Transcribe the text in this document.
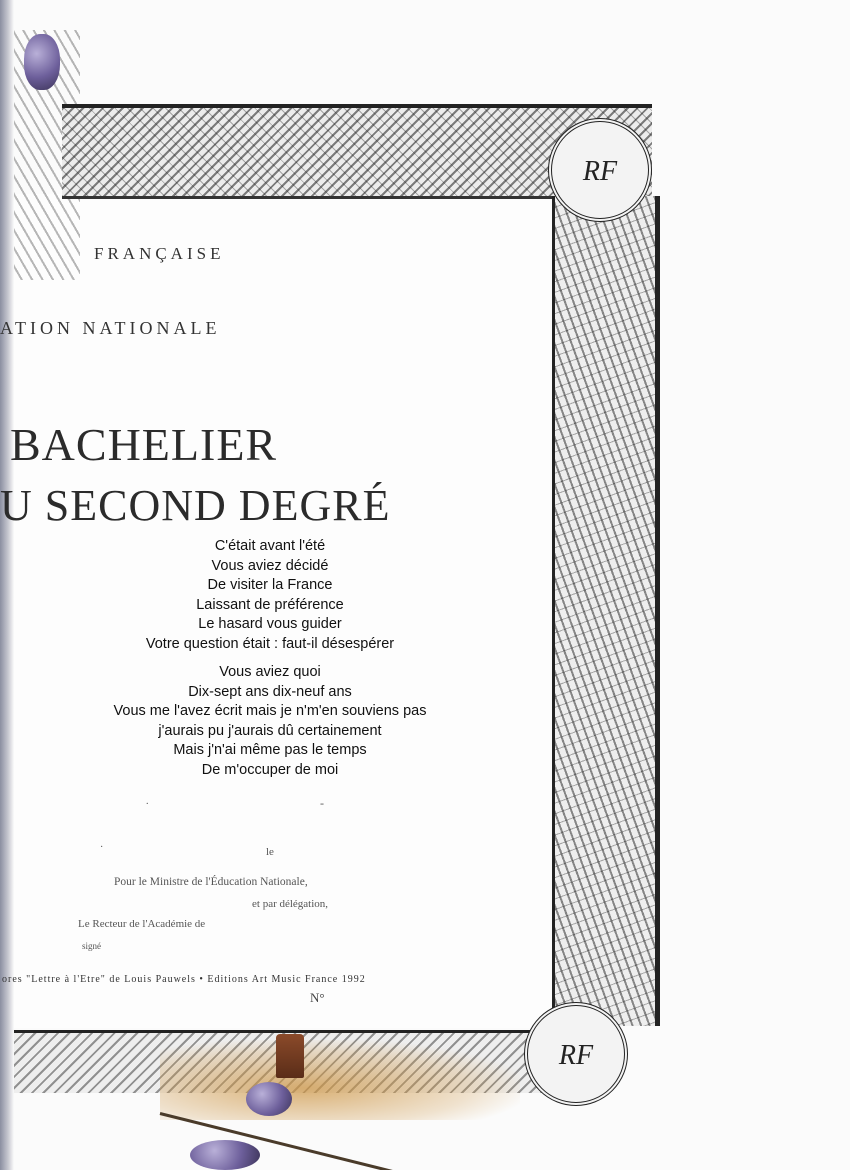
RF
RF
FRANÇAISE
ATION NATIONALE
BACHELIER
U SECOND DEGRÉ
C'était avant l'été
Vous aviez décidé
De visiter la France
Laissant de préférence
Le hasard vous guider
Votre question était : faut-il désespérer
Vous aviez quoi
Dix-sept ans dix-neuf ans
Vous me l'avez écrit mais je n'm'en souviens pas
j'aurais pu j'aurais dû certainement
Mais j'n'ai même pas le temps
De m'occuper de moi
.	-
·	le
Pour le Ministre de l'Éducation Nationale,
et par délégation,
Le Recteur de l'Académie de
signé
ores "Lettre à l'Etre" de Louis Pauwels • Editions Art Music France 1992
N°
